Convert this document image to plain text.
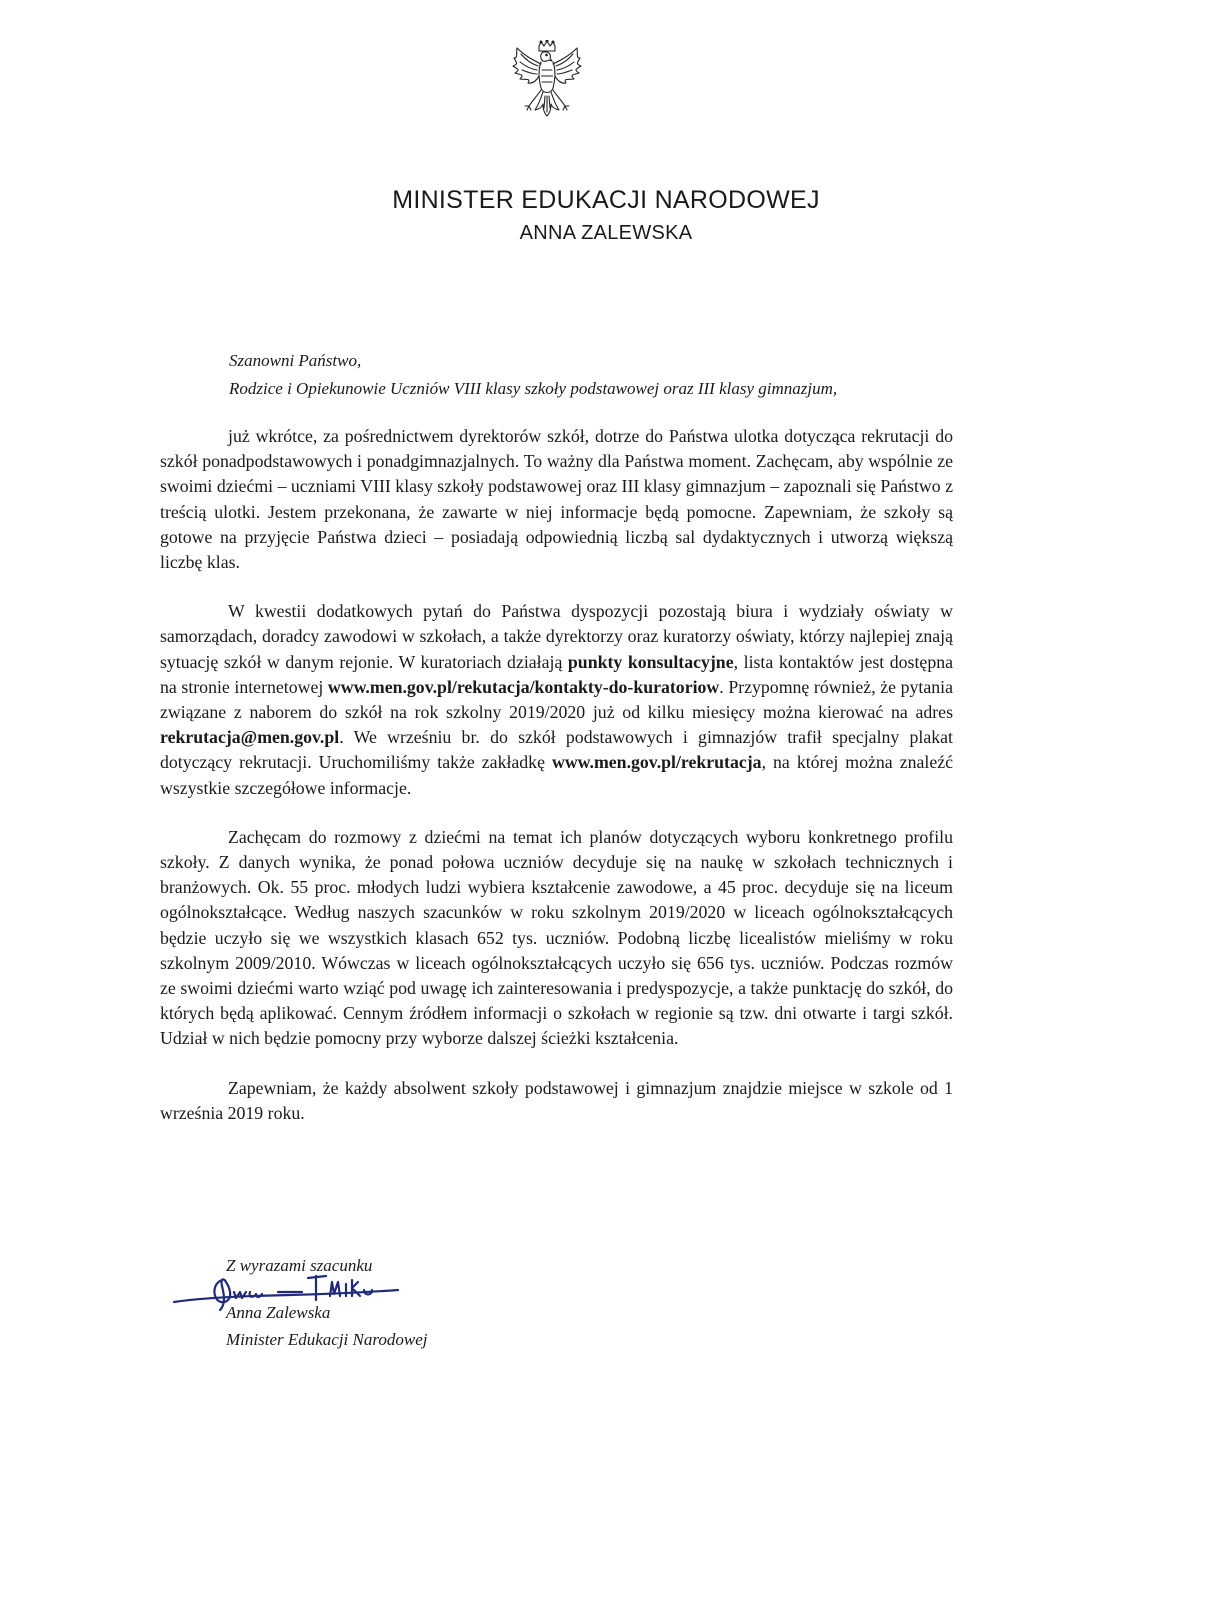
MINISTER EDUKACJI NARODOWEJ
ANNA ZALEWSKA
Szanowni Państwo,
Rodzice i Opiekunowie Uczniów VIII klasy szkoły podstawowej oraz III klasy gimnazjum,

już wkrótce, za pośrednictwem dyrektorów szkół, dotrze do Państwa ulotka dotycząca rekrutacji do szkół ponadpodstawowych i ponadgimnazjalnych. To ważny dla Państwa moment. Zachęcam, aby wspólnie ze swoimi dziećmi – uczniami VIII klasy szkoły podstawowej oraz III klasy gimnazjum – zapoznali się Państwo z treścią ulotki. Jestem przekonana, że zawarte w niej informacje będą pomocne. Zapewniam, że szkoły są gotowe na przyjęcie Państwa dzieci – posiadają odpowiednią liczbą sal dydaktycznych i utworzą większą liczbę klas.

W kwestii dodatkowych pytań do Państwa dyspozycji pozostają biura i wydziały oświaty w samorządach, doradcy zawodowi w szkołach, a także dyrektorzy oraz kuratorzy oświaty, którzy najlepiej znają sytuację szkół w danym rejonie. W kuratoriach działają punkty konsultacyjne, lista kontaktów jest dostępna na stronie internetowej www.men.gov.pl/rekutacja/kontakty-do-kuratoriow. Przypomnę również, że pytania związane z naborem do szkół na rok szkolny 2019/2020 już od kilku miesięcy można kierować na adres rekrutacja@men.gov.pl. We wrześniu br. do szkół podstawowych i gimnazjów trafił specjalny plakat dotyczący rekrutacji. Uruchomiliśmy także zakładkę www.men.gov.pl/rekrutacja, na której można znaleźć wszystkie szczegółowe informacje.

Zachęcam do rozmowy z dziećmi na temat ich planów dotyczących wyboru konkretnego profilu szkoły. Z danych wynika, że ponad połowa uczniów decyduje się na naukę w szkołach technicznych i branżowych. Ok. 55 proc. młodych ludzi wybiera kształcenie zawodowe, a 45 proc. decyduje się na liceum ogólnokształcące. Według naszych szacunków w roku szkolnym 2019/2020 w liceach ogólnokształcących będzie uczyło się we wszystkich klasach 652 tys. uczniów. Podobną liczbę licealistów mieliśmy w roku szkolnym 2009/2010. Wówczas w liceach ogólnokształcących uczyło się 656 tys. uczniów. Podczas rozmów ze swoimi dziećmi warto wziąć pod uwagę ich zainteresowania i predyspozycje, a także punktację do szkół, do których będą aplikować. Cennym źródłem informacji o szkołach w regionie są tzw. dni otwarte i targi szkół. Udział w nich będzie pomocny przy wyborze dalszej ścieżki kształcenia.

Zapewniam, że każdy absolwent szkoły podstawowej i gimnazjum znajdzie miejsce w szkole od 1 września 2019 roku.

Z wyrazami szacunku
Anna Zalewska
Minister Edukacji Narodowej
